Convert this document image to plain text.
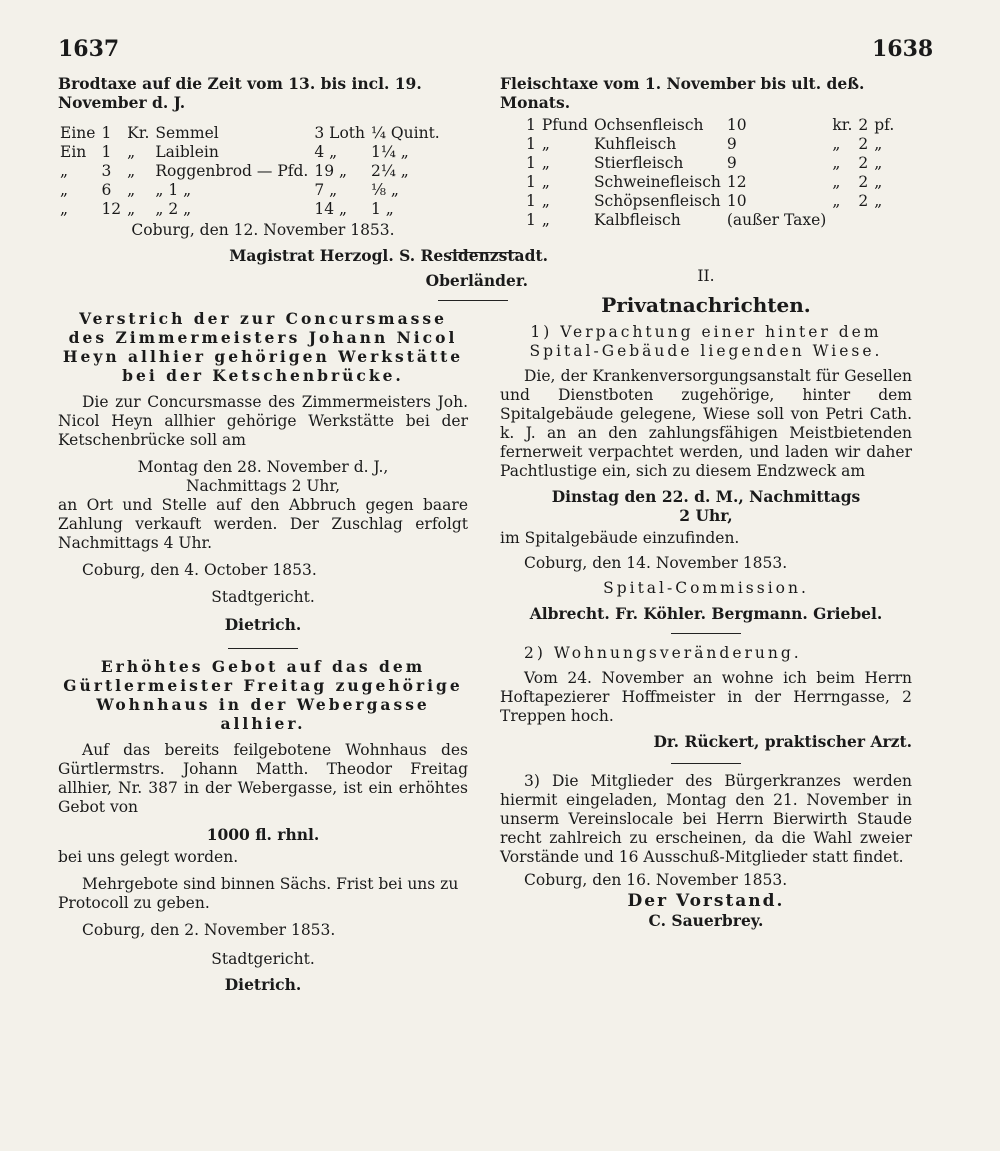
1637	1638

Brodtaxe auf die Zeit vom 13. bis incl. 19. November d. J.

Eine	1	Kr.	Semmel	3 Loth	¼ Quint.
Ein	1	„	Laiblein	4 „	1¼ „
„	3	„	Roggenbrod — Pfd.	19 „	2¼ „
„	6	„	„ 1 „	7 „	⅛ „
„	12	„	„ 2 „	14 „	1 „

Coburg, den 12. November 1853.

Magistrat Herzogl. S. Residenzstadt.

Oberländer.

Verstrich der zur Concursmasse des Zimmermeisters Johann Nicol Heyn allhier gehörigen Werkstätte bei der Ketschenbrücke.

Die zur Concursmasse des Zimmermeisters Joh. Nicol Heyn allhier gehörige Werkstätte bei der Ketschenbrücke soll am

Montag den 28. November d. J.,

Nachmittags 2 Uhr,

an Ort und Stelle auf den Abbruch gegen baare Zahlung verkauft werden. Der Zuschlag erfolgt Nachmittags 4 Uhr.

Coburg, den 4. October 1853.

Stadtgericht.

Dietrich.

Erhöhtes Gebot auf das dem Gürtlermeister Freitag zugehörige Wohnhaus in der Webergasse allhier.

Auf das bereits feilgebotene Wohnhaus des Gürtlermstrs. Johann Matth. Theodor Freitag allhier, Nr. 387 in der Webergasse, ist ein erhöhtes Gebot von

1000 fl. rhnl.

bei uns gelegt worden.

Mehrgebote sind binnen Sächs. Frist bei uns zu Protocoll zu geben.

Coburg, den 2. November 1853.

Stadtgericht.

Dietrich.

Fleischtaxe vom 1. November bis ult. deß. Monats.

1	Pfund	Ochsenfleisch	10	kr.	2	pf.
1	„	Kuhfleisch	9	„	2	„
1	„	Stierfleisch	9	„	2	„
1	„	Schweinefleisch	12	„	2	„
1	„	Schöpsenfleisch	10	„	2	„
1	„	Kalbfleisch	(außer Taxe)			

II.

Privatnachrichten.

1) Verpachtung einer hinter dem Spital-Gebäude liegenden Wiese.

Die, der Krankenversorgungsanstalt für Gesellen und Dienstboten zugehörige, hinter dem Spitalgebäude gelegene, Wiese soll von Petri Cath. k. J. an an den zahlungsfähigen Meistbietenden fernerweit verpachtet werden, und laden wir daher Pachtlustige ein, sich zu diesem Endzweck am

Dinstag den 22. d. M., Nachmittags

2 Uhr,

im Spitalgebäude einzufinden.

Coburg, den 14. November 1853.

Spital-Commission.

Albrecht. Fr. Köhler. Bergmann. Griebel.

2) Wohnungsveränderung.

Vom 24. November an wohne ich beim Herrn Hoftapezierer Hoffmeister in der Herrngasse, 2 Treppen hoch.

Dr. Rückert, praktischer Arzt.

3) Die Mitglieder des Bürgerkranzes werden hiermit eingeladen, Montag den 21. November in unserm Vereinslocale bei Herrn Bierwirth Staude recht zahlreich zu erscheinen, da die Wahl zweier Vorstände und 16 Ausschuß-Mitglieder statt findet.

Coburg, den 16. November 1853.

Der Vorstand.

C. Sauerbrey.
